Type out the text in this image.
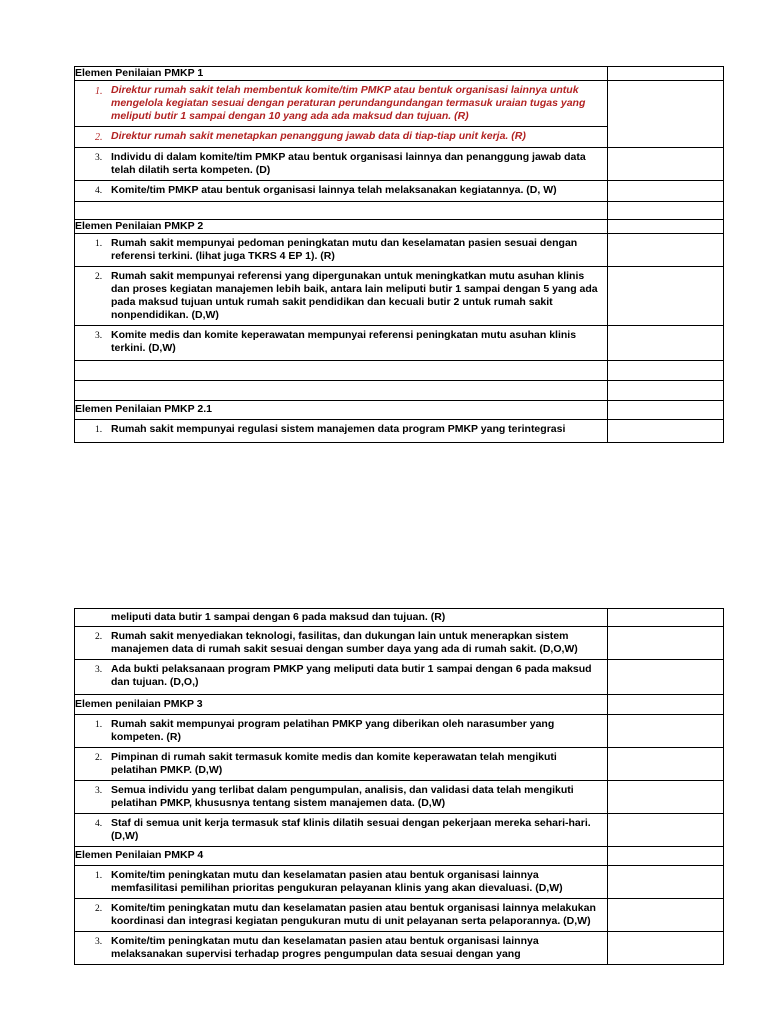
Elemen Penilaian PMKP 1	

1. Direktur rumah sakit telah membentuk komite/tim PMKP atau bentuk organisasi lainnya untuk mengelola kegiatan sesuai dengan peraturan perundangundangan termasuk uraian tugas yang meliputi butir 1 sampai dengan 10 yang ada ada maksud dan tujuan. (R)
2. Direktur rumah sakit menetapkan penanggung jawab data di tiap-tiap unit kerja. (R)	

3. Individu di dalam komite/tim PMKP atau bentuk organisasi lainnya dan penanggung jawab data telah dilatih serta kompeten. (D)	

4. Komite/tim PMKP atau bentuk organisasi lainnya telah melaksanakan kegiatannya. (D, W)	

Elemen Penilaian PMKP 2	

1. Rumah sakit mempunyai pedoman peningkatan mutu dan keselamatan pasien sesuai dengan referensi terkini. (lihat juga TKRS 4 EP 1). (R)	

2. Rumah sakit mempunyai referensi yang dipergunakan untuk meningkatkan mutu asuhan klinis dan proses kegiatan manajemen lebih baik, antara lain meliputi butir 1 sampai dengan 5 yang ada pada maksud tujuan untuk rumah sakit pendidikan dan kecuali butir 2 untuk rumah sakit nonpendidikan. (D,W)	

3. Komite medis dan komite keperawatan mempunyai referensi peningkatan mutu asuhan klinis terkini. (D,W)	

Elemen Penilaian PMKP 2.1	

1. Rumah sakit mempunyai regulasi sistem manajemen data program PMKP yang terintegrasi	

meliputi data butir 1 sampai dengan 6 pada maksud dan tujuan. (R)	

2. Rumah sakit menyediakan teknologi, fasilitas, dan dukungan lain untuk menerapkan sistem manajemen data di rumah sakit sesuai dengan sumber daya yang ada di rumah sakit. (D,O,W)	

3. Ada bukti pelaksanaan program PMKP yang meliputi data butir 1 sampai dengan 6 pada maksud dan tujuan. (D,O,)	

Elemen penilaian PMKP 3	

1. Rumah sakit mempunyai program pelatihan PMKP yang diberikan oleh narasumber yang kompeten. (R)	

2. Pimpinan di rumah sakit termasuk komite medis dan komite keperawatan telah mengikuti pelatihan PMKP. (D,W)	

3. Semua individu yang terlibat dalam pengumpulan, analisis, dan validasi data telah mengikuti pelatihan PMKP, khususnya tentang sistem manajemen data. (D,W)	

4. Staf di semua unit kerja termasuk staf klinis dilatih sesuai dengan pekerjaan mereka sehari-hari. (D,W)	

Elemen Penilaian PMKP 4	

1. Komite/tim peningkatan mutu dan keselamatan pasien atau bentuk organisasi lainnya memfasilitasi pemilihan prioritas pengukuran pelayanan klinis yang akan dievaluasi. (D,W)	

2. Komite/tim peningkatan mutu dan keselamatan pasien atau bentuk organisasi lainnya melakukan koordinasi dan integrasi kegiatan pengukuran mutu di unit pelayanan serta pelaporannya. (D,W)	

3. Komite/tim peningkatan mutu dan keselamatan pasien atau bentuk organisasi lainnya melaksanakan supervisi terhadap progres pengumpulan data sesuai dengan yang	
